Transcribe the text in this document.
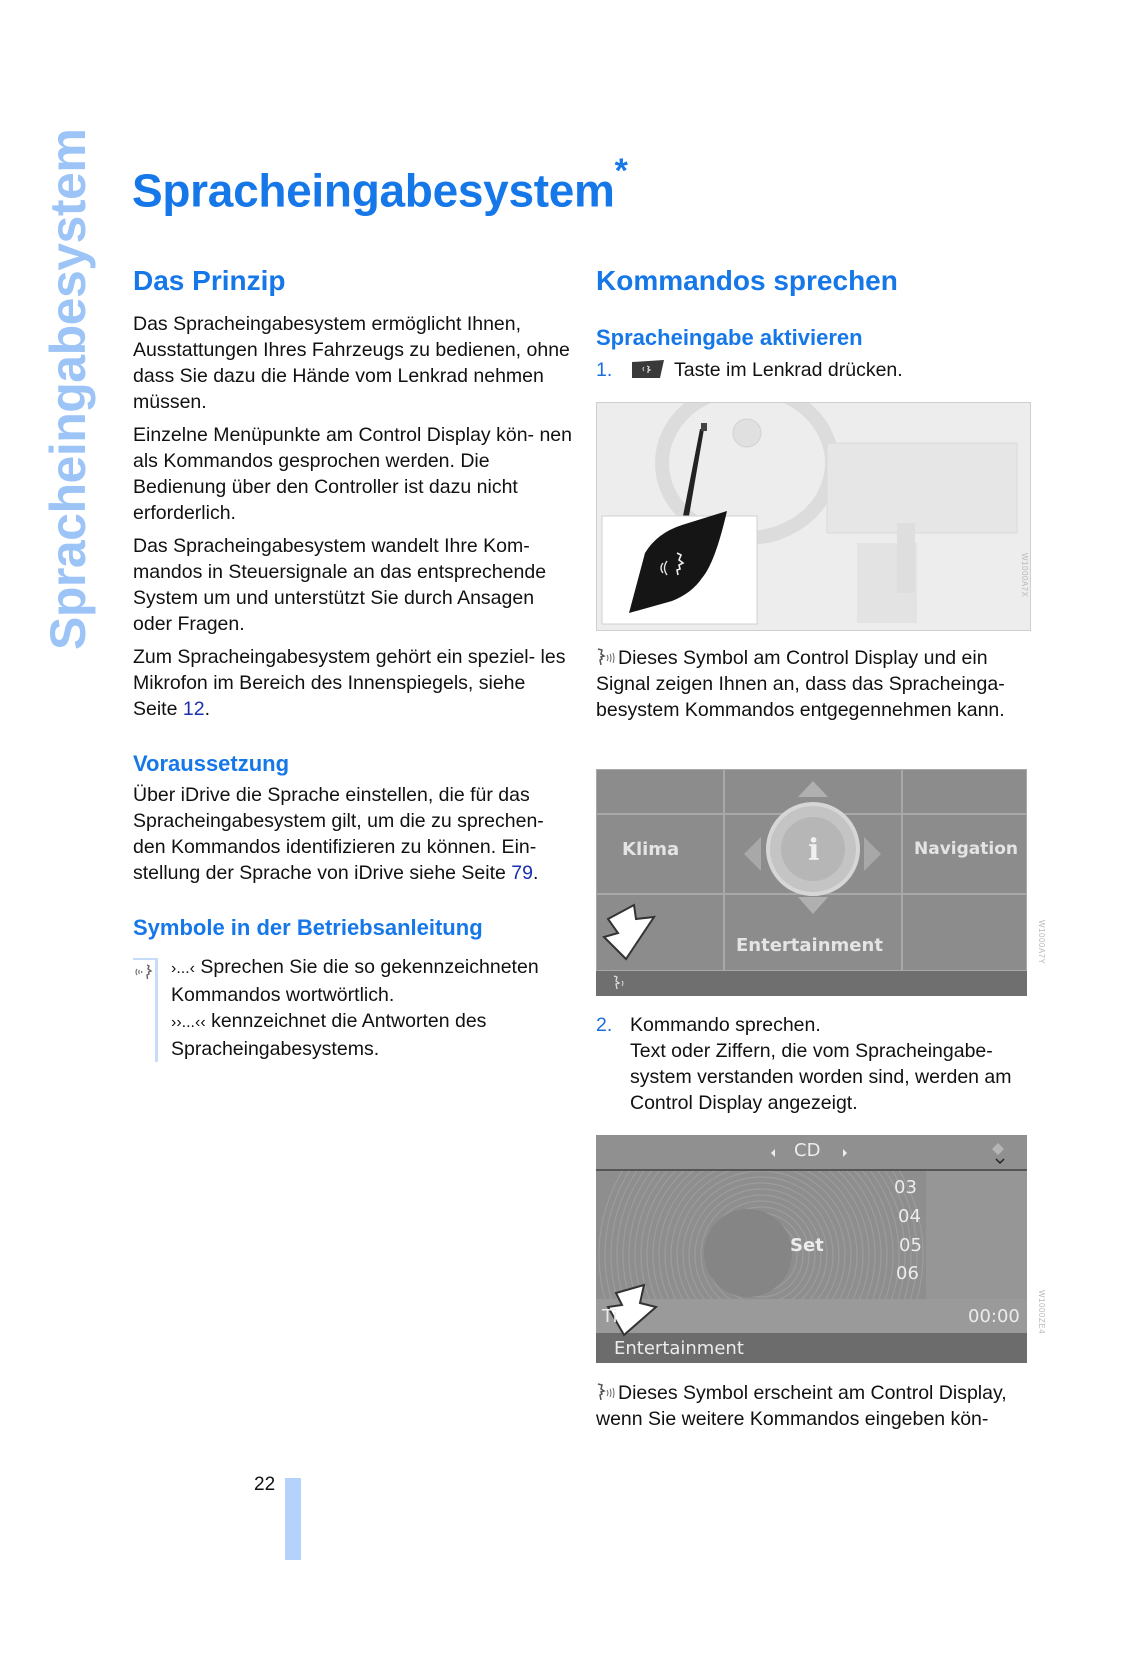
Spracheingabesystem Spracheingabesystem*
Das Prinzip

Das Spracheingabesystem ermöglicht Ihnen, Ausstattungen Ihres Fahrzeugs zu bedienen, ohne dass Sie dazu die Hände vom Lenkrad nehmen müssen.

Einzelne Menüpunkte am Control Display kön- nen als Kommandos gesprochen werden. Die Bedienung über den Controller ist dazu nicht erforderlich.

Das Spracheingabesystem wandelt Ihre Kom- mandos in Steuersignale an das entsprechende System um und unterstützt Sie durch Ansagen oder Fragen.

Zum Spracheingabesystem gehört ein speziel- les Mikrofon im Bereich des Innenspiegels, siehe Seite 12.

Voraussetzung

Über iDrive die Sprache einstellen, die für das Spracheingabesystem gilt, um die zu sprechen- den Kommandos identifizieren zu können. Ein- stellung der Sprache von iDrive siehe Seite 79.

Symbole in der Betriebsanleitung
›...‹ Sprechen Sie die so gekennzeichneten Kommandos wortwörtlich.
››...‹‹ kennzeichnet die Antworten des Spracheingabesystems.
Kommandos sprechen
Spracheingabe aktivieren
1.	Taste im Lenkrad drücken.
W1000A7X
Dieses Symbol am Control Display und ein Signal zeigen Ihnen an, dass das Spracheinga- besystem Kommandos entgegennehmen kann.
i
Klima	Navigation
Entertainment	W1000A7Y
2. Kommando sprechen.
Text oder Ziffern, die vom Spracheingabe- system verstanden worden sind, werden am Control Display angezeigt.
CD
Set
03
04
05
06
Ti	00:00
Entertainment
W1000ZE4
Dieses Symbol erscheint am Control Display, wenn Sie weitere Kommandos eingeben kön-
22
